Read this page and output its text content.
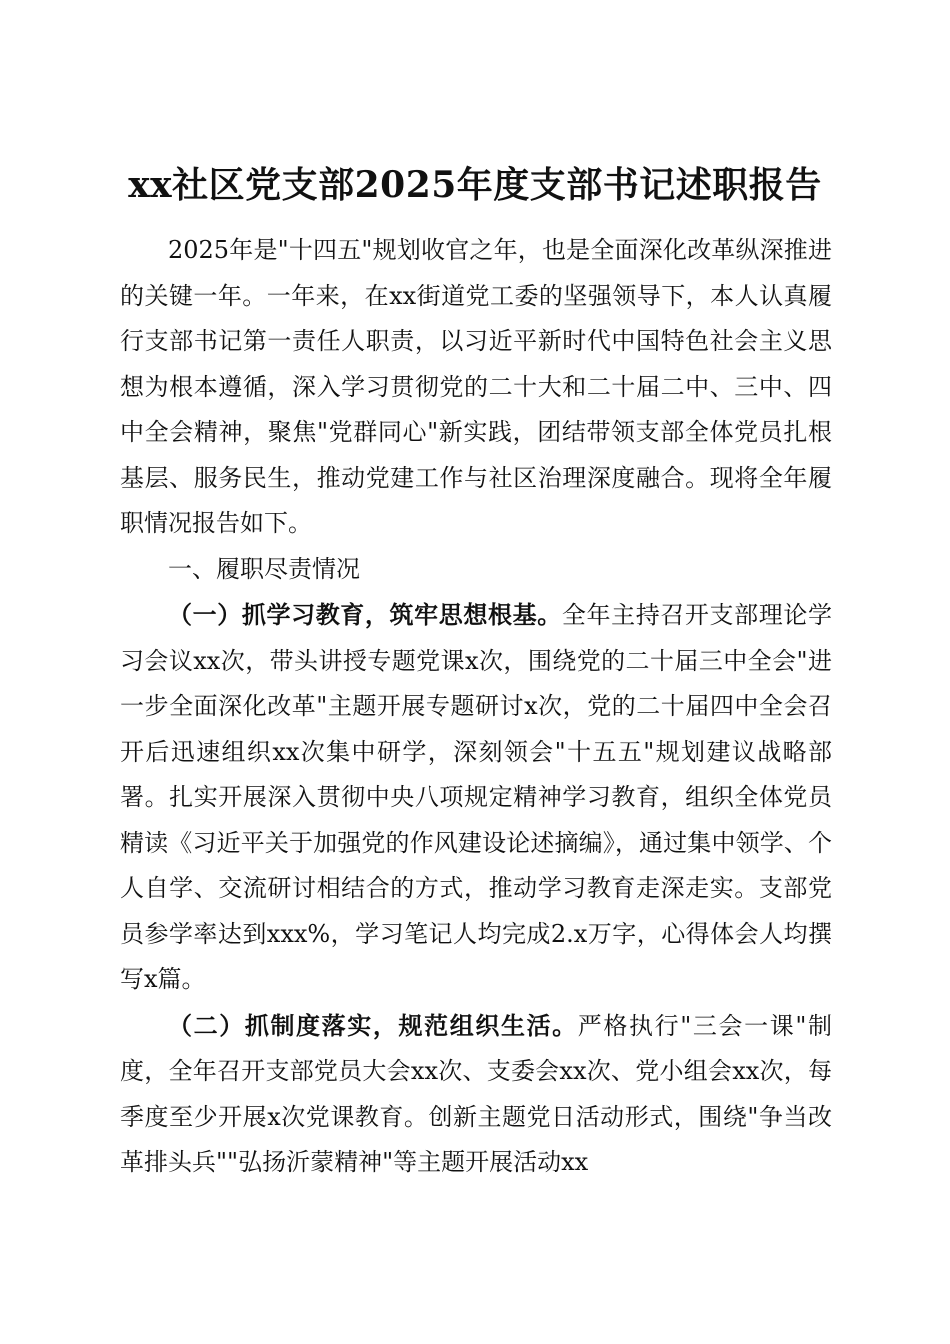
xx社区党支部2025年度支部书记述职报告

2025年是"十四五"规划收官之年，也是全面深化改革纵深推进的关键一年。一年来，在xx街道党工委的坚强领导下，本人认真履行支部书记第一责任人职责，以习近平新时代中国特色社会主义思想为根本遵循，深入学习贯彻党的二十大和二十届二中、三中、四中全会精神，聚焦"党群同心"新实践，团结带领支部全体党员扎根基层、服务民生，推动党建工作与社区治理深度融合。现将全年履职情况报告如下。

一、履职尽责情况

（一）抓学习教育，筑牢思想根基。全年主持召开支部理论学习会议xx次，带头讲授专题党课x次，围绕党的二十届三中全会"进一步全面深化改革"主题开展专题研讨x次，党的二十届四中全会召开后迅速组织xx次集中研学，深刻领会"十五五"规划建议战略部署。扎实开展深入贯彻中央八项规定精神学习教育，组织全体党员精读《习近平关于加强党的作风建设论述摘编》，通过集中领学、个人自学、交流研讨相结合的方式，推动学习教育走深走实。支部党员参学率达到xxx%，学习笔记人均完成2.x万字，心得体会人均撰写x篇。

（二）抓制度落实，规范组织生活。严格执行"三会一课"制度，全年召开支部党员大会xx次、支委会xx次、党小组会xx次，每季度至少开展x次党课教育。创新主题党日活动形式，围绕"争当改革排头兵""弘扬沂蒙精神"等主题开展活动xx
